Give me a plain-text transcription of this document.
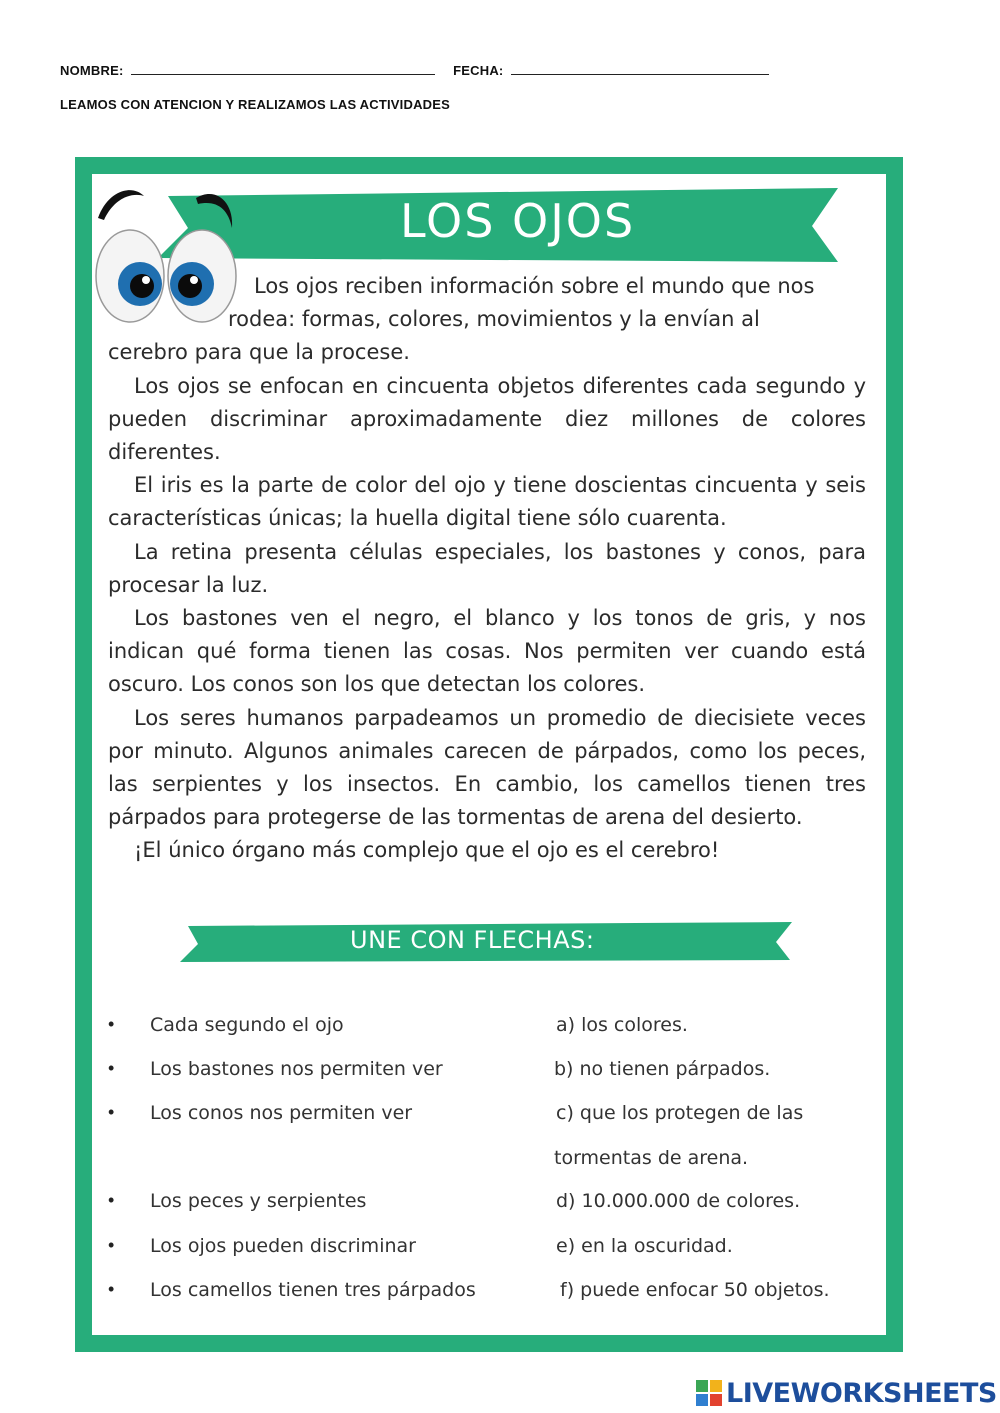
NOMBRE:	FECHA:
LEAMOS CON ATENCION Y REALIZAMOS LAS ACTIVIDADES
LOS OJOS

Los ojos reciben información sobre el mundo que nos
rodea: formas, colores, movimientos y la envían al

cerebro para que la procese.

Los ojos se enfocan en cincuenta objetos diferentes cada segundo y pueden discriminar aproximadamente diez millones de colores diferentes.

El iris es la parte de color del ojo y tiene doscientas cincuenta y seis características únicas; la huella digital tiene sólo cuarenta.

La retina presenta células especiales, los bastones y conos, para procesar la luz.

Los bastones ven el negro, el blanco y los tonos de gris, y nos indican qué forma tienen las cosas. Nos permiten ver cuando está oscuro. Los conos son los que detectan los colores.

Los seres humanos parpadeamos un promedio de diecisiete veces por minuto. Algunos animales carecen de párpados, como los peces, las serpientes y los insectos. En cambio, los camellos tienen tres párpados para protegerse de las tormentas de arena del desierto.

¡El único órgano más complejo que el ojo es el cerebro!

UNE CON FLECHAS:
• Cada segundo el ojo
• Los bastones nos permiten ver
• Los conos nos permiten ver
• Los peces y serpientes
• Los ojos pueden discriminar
• Los camellos tienen tres párpados
a) los colores.
b) no tienen párpados.
c) que los protegen de las
tormentas de arena.
d) 10.000.000 de colores.
e) en la oscuridad.
f) puede enfocar 50 objetos.
LIVEWORKSHEETS
